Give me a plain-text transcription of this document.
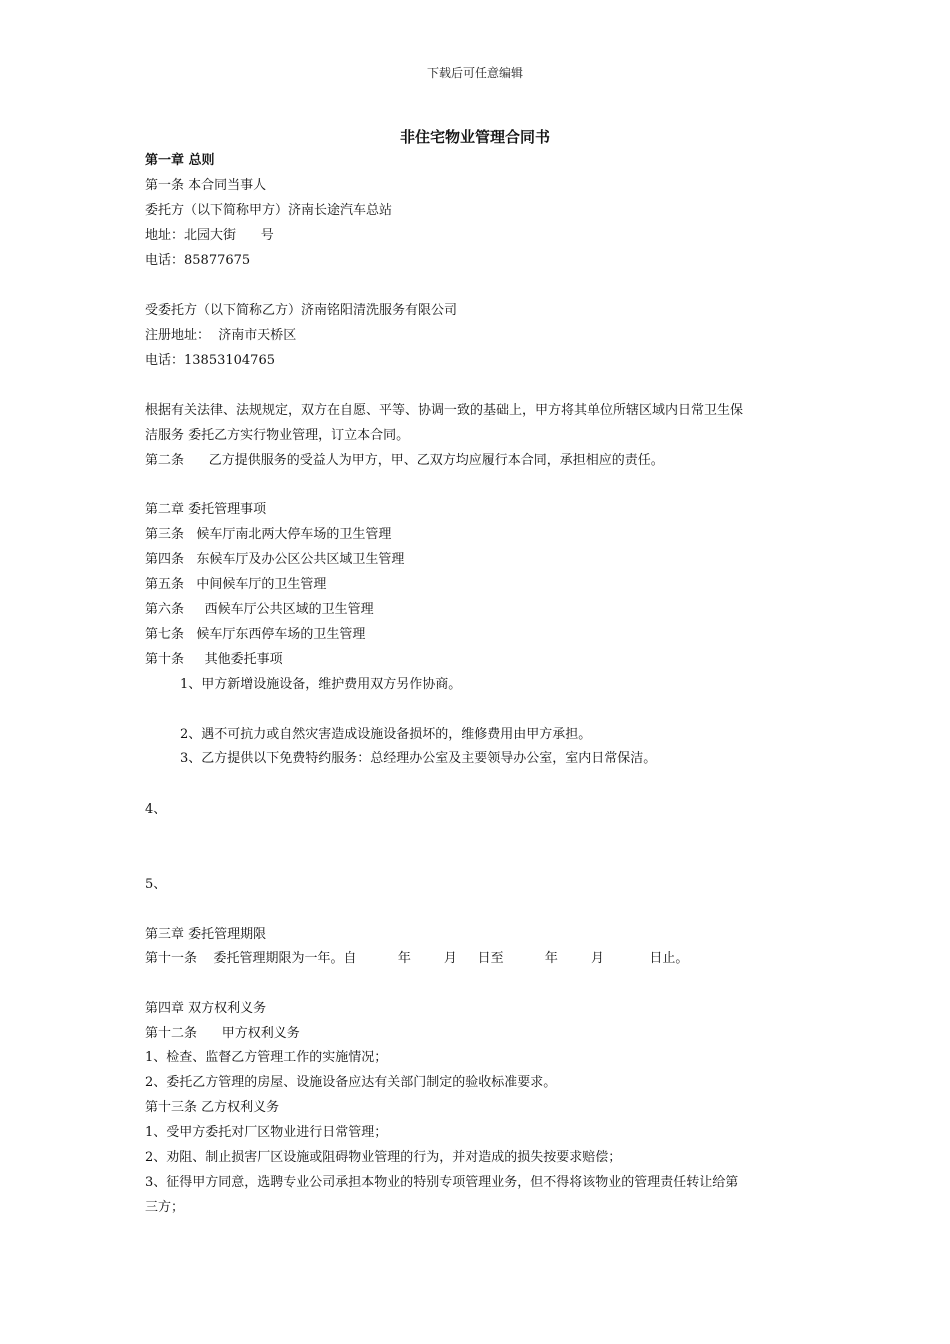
下载后可任意编辑
非住宅物业管理合同书
第一章 总则
第一条 本合同当事人
委托方（以下简称甲方）济南长途汽车总站
地址：北园大街      号
电话：85877675
受委托方（以下简称乙方）济南铭阳清洗服务有限公司
注册地址：  济南市天桥区
电话：13853104765
根据有关法律、法规规定，双方在自愿、平等、协调一致的基础上，甲方将其单位所辖区域内日常卫生保
洁服务 委托乙方实行物业管理，订立本合同。
第二条      乙方提供服务的受益人为甲方，甲、乙双方均应履行本合同，承担相应的责任。
第二章 委托管理事项
第三条   候车厅南北两大停车场的卫生管理
第四条   东候车厅及办公区公共区域卫生管理
第五条   中间候车厅的卫生管理
第六条     西候车厅公共区域的卫生管理
第七条   候车厅东西停车场的卫生管理
第十条     其他委托事项
1、甲方新增设施设备，维护费用双方另作协商。
2、遇不可抗力或自然灾害造成设施设备损坏的，维修费用由甲方承担。
3、乙方提供以下免费特约服务：总经理办公室及主要领导办公室，室内日常保洁。
4、
5、
第三章 委托管理期限
第十一条    委托管理期限为一年。自          年        月     日至          年        月           日止。
第四章 双方权利义务
第十二条      甲方权利义务
1、检查、监督乙方管理工作的实施情况；
2、委托乙方管理的房屋、设施设备应达有关部门制定的验收标准要求。
第十三条 乙方权利义务
1、受甲方委托对厂区物业进行日常管理；
2、劝阻、制止损害厂区设施或阻碍物业管理的行为，并对造成的损失按要求赔偿；
3、征得甲方同意，选聘专业公司承担本物业的特别专项管理业务，但不得将该物业的管理责任转让给第
三方；
